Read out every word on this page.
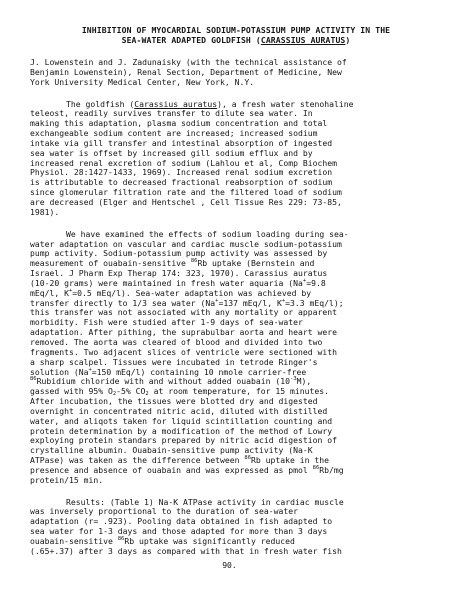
INHIBITION OF MYOCARDIAL SODIUM-POTASSIUM PUMP ACTIVITY IN THE
SEA-WATER ADAPTED GOLDFISH (CARASSIUS AURATUS)
J. Lowenstein and J. Zadunaisky (with the technical assistance of
Benjamin Lowenstein), Renal Section, Department of Medicine, New
York University Medical Center, New York, N.Y.
The goldfish (Carassius auratus), a fresh water stenohaline
teleost, readily survives transfer to dilute sea water. In
making this adaptation, plasma sodium concentration and total
exchangeable sodium content are increased; increased sodium
intake via gill transfer and intestinal absorption of ingested
sea water is offset by increased gill sodium efflux and by
increased renal excretion of sodium (Lahlou et al, Comp Biochem
Physiol. 28:1427-1433, 1969). Increased renal sodium excretion
is attributable to decreased fractional reabsorption of sodium
since glomerular filtration rate and the filtered load of sodium
are decreased (Elger and Hentschel , Cell Tissue Res 229: 73-85,
1981).
We have examined the effects of sodium loading during sea-
water adaptation on vascular and cardiac muscle sodium-potassium
pump activity. Sodium-potassium pump activity was assessed by
measurement of ouabain-sensitive $^{86}$Rb uptake (Bernstein and
Israel. J Pharm Exp Therap 174: 323, 1970). Carassius auratus
(10-20 grams) were maintained in fresh water aquaria (Na+=9.8
mEq/l, K+=0.5 mEq/l). Sea-water adaptation was achieved by
transfer directly to 1/3 sea water (Na+=137 mEq/l, K+=3.3 mEq/l);
this transfer was not associated with any mortality or apparent
morbidity. Fish were studied after 1-9 days of sea-water
adaptation. After pithing, the suprabulbar aorta and heart were
removed. The aorta was cleared of blood and divided into two
fragments. Two adjacent slices of ventricle were sectioned with
a sharp scalpel. Tissues were incubated in tetrode Ringer's
solution (Na+=150 mEq/l) containing 10 nmole carrier-free
$^{86}$Rubidium chloride with and without added ouabain $(10^{-3}M)$,
gassed with 95% $O_2-5\%$ $CO_2$ at room temperature, for 15 minutes.
After incubation, the tissues were blotted dry and digested
overnight in concentrated nitric acid, diluted with distilled
water, and aliqots taken for liquid scintillation counting and
protein determination by a modification of the method of Lowry
exploying protein standars prepared by nitric acid digestion of
crystalline albumin. Ouabain-sensitive pump activity (Na-K
ATPase) was taken as the difference between $^{86}$Rb uptake in the
presence and absence of ouabain and was expressed as pmol $^{86}$Rb/mg
protein/15 min.
Results: (Table 1) Na-K ATPase activity in cardiac muscle
was inversely proportional to the duration of sea-water
adaptation (r= .923). Pooling data obtained in fish adapted to
sea water for 1-3 days and those adapted for more than 3 days
ouabain-sensitive $^{86}$Rb uptake was significantly reduced
(.65+.37) after 3 days as compared with that in fresh water fish
90.
